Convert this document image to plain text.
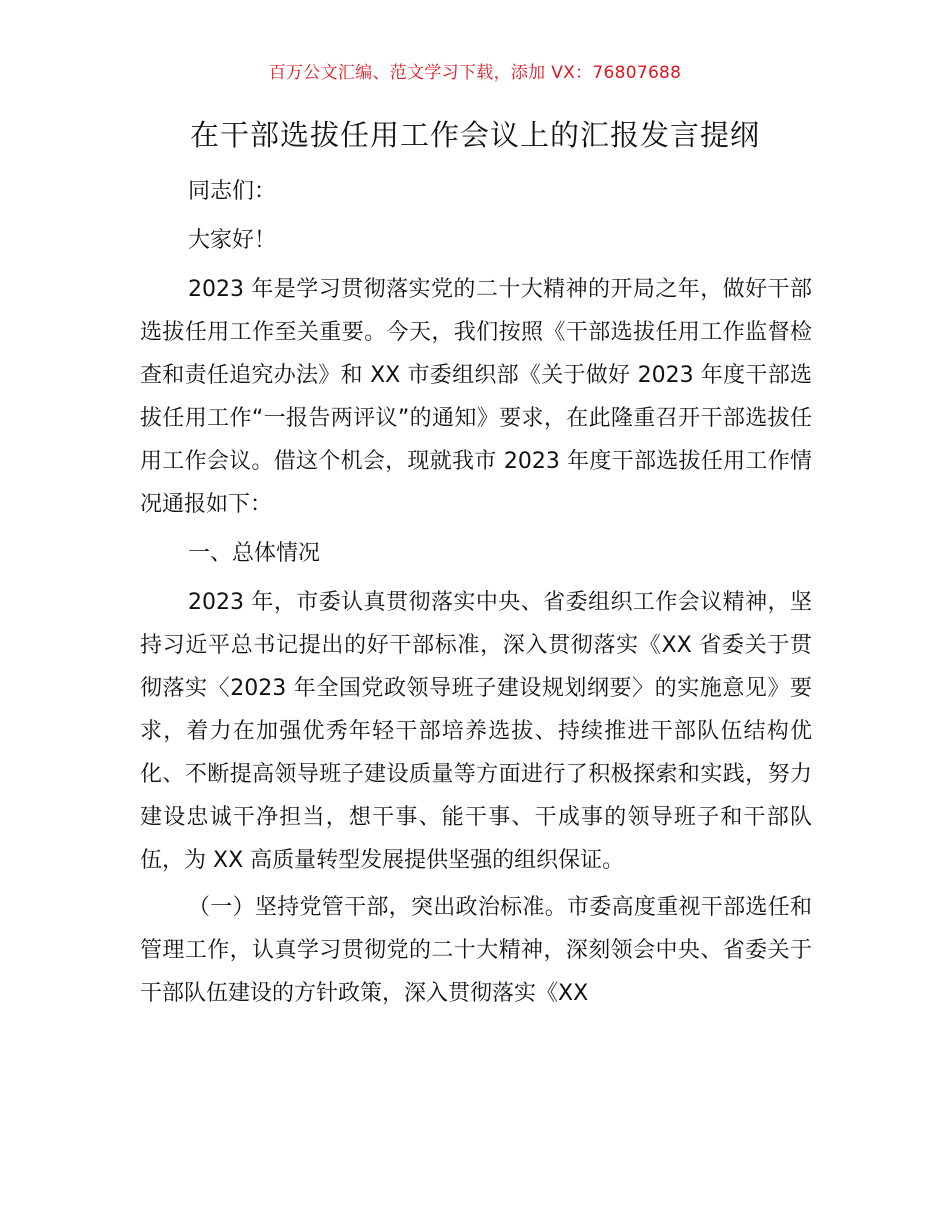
百万公文汇编、范文学习下载，添加 VX：76807688
在干部选拔任用工作会议上的汇报发言提纲

同志们：

大家好！

2023 年是学习贯彻落实党的二十大精神的开局之年，做好干部选拔任用工作至关重要。今天，我们按照《干部选拔任用工作监督检查和责任追究办法》和 XX 市委组织部《关于做好 2023 年度干部选拔任用工作“一报告两评议”的通知》要求，在此隆重召开干部选拔任用工作会议。借这个机会，现就我市 2023 年度干部选拔任用工作情况通报如下：

一、总体情况

2023 年，市委认真贯彻落实中央、省委组织工作会议精神，坚持习近平总书记提出的好干部标准，深入贯彻落实《XX 省委关于贯彻落实〈2023 年全国党政领导班子建设规划纲要〉的实施意见》要求，着力在加强优秀年轻干部培养选拔、持续推进干部队伍结构优化、不断提高领导班子建设质量等方面进行了积极探索和实践，努力建设忠诚干净担当，想干事、能干事、干成事的领导班子和干部队伍，为 XX 高质量转型发展提供坚强的组织保证。

（一）坚持党管干部，突出政治标准。市委高度重视干部选任和管理工作，认真学习贯彻党的二十大精神，深刻领会中央、省委关于干部队伍建设的方针政策，深入贯彻落实《XX
